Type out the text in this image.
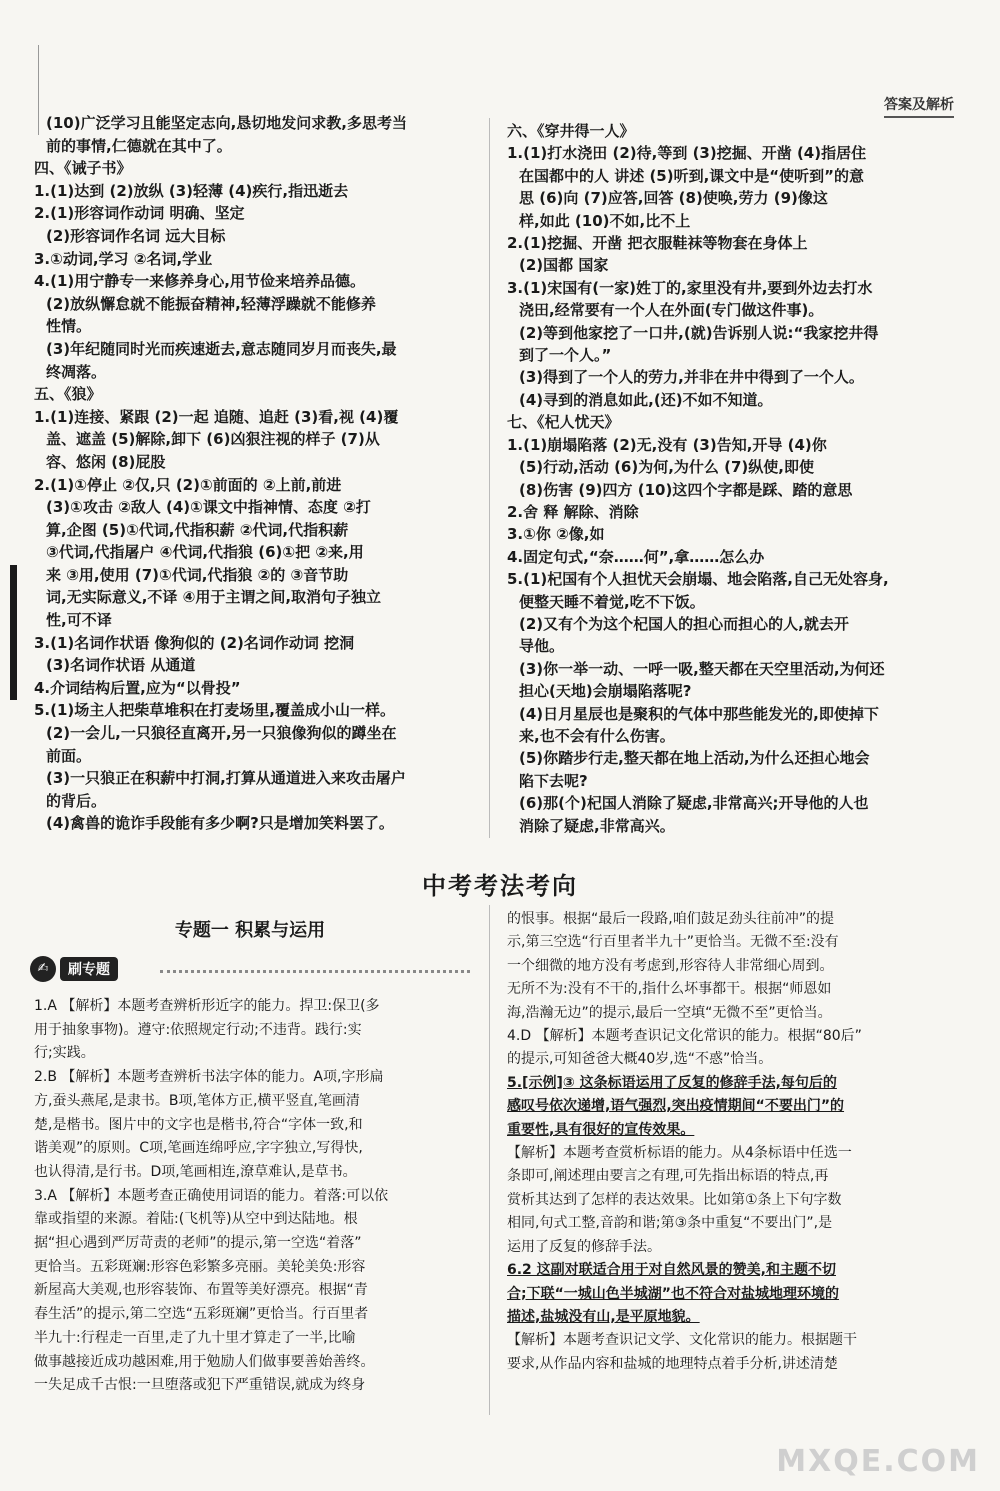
答案及解析
(10)广泛学习且能坚定志向,恳切地发问求教,多思考当
前的事情,仁德就在其中了。
四、《诫子书》
1.(1)达到 (2)放纵 (3)轻薄 (4)疾行,指迅逝去
2.(1)形容词作动词 明确、坚定
(2)形容词作名词 远大目标
3.①动词,学习 ②名词,学业
4.(1)用宁静专一来修养身心,用节俭来培养品德。
(2)放纵懈怠就不能振奋精神,轻薄浮躁就不能修养
性情。
(3)年纪随同时光而疾速逝去,意志随同岁月而丧失,最
终凋落。
五、《狼》
1.(1)连接、紧跟 (2)一起 追随、追赶 (3)看,视 (4)覆
盖、遮盖 (5)解除,卸下 (6)凶狠注视的样子 (7)从
容、悠闲 (8)屁股
2.(1)①停止 ②仅,只 (2)①前面的 ②上前,前进
(3)①攻击 ②敌人 (4)①课文中指神情、态度 ②打
算,企图 (5)①代词,代指积薪 ②代词,代指积薪
③代词,代指屠户 ④代词,代指狼 (6)①把 ②来,用
来 ③用,使用 (7)①代词,代指狼 ②的 ③音节助
词,无实际意义,不译 ④用于主谓之间,取消句子独立
性,可不译
3.(1)名词作状语 像狗似的 (2)名词作动词 挖洞
(3)名词作状语 从通道
4.介词结构后置,应为“以骨投”
5.(1)场主人把柴草堆积在打麦场里,覆盖成小山一样。
(2)一会儿,一只狼径直离开,另一只狼像狗似的蹲坐在
前面。
(3)一只狼正在积薪中打洞,打算从通道进入来攻击屠户
的背后。
(4)禽兽的诡诈手段能有多少啊?只是增加笑料罢了。
六、《穿井得一人》
1.(1)打水浇田 (2)待,等到 (3)挖掘、开凿 (4)指居住
在国都中的人 讲述 (5)听到,课文中是“使听到”的意
思 (6)向 (7)应答,回答 (8)使唤,劳力 (9)像这
样,如此 (10)不如,比不上
2.(1)挖掘、开凿 把衣服鞋袜等物套在身体上
(2)国都 国家
3.(1)宋国有(一家)姓丁的,家里没有井,要到外边去打水
浇田,经常要有一个人在外面(专门做这件事)。
(2)等到他家挖了一口井,(就)告诉别人说:“我家挖井得
到了一个人。”
(3)得到了一个人的劳力,并非在井中得到了一个人。
(4)寻到的消息如此,(还)不如不知道。
七、《杞人忧天》
1.(1)崩塌陷落 (2)无,没有 (3)告知,开导 (4)你
(5)行动,活动 (6)为何,为什么 (7)纵使,即使
(8)伤害 (9)四方 (10)这四个字都是踩、踏的意思
2.舍 释 解除、消除
3.①你 ②像,如
4.固定句式,“奈……何”,拿……怎么办
5.(1)杞国有个人担忧天会崩塌、地会陷落,自己无处容身,
便整天睡不着觉,吃不下饭。
(2)又有个为这个杞国人的担心而担心的人,就去开
导他。
(3)你一举一动、一呼一吸,整天都在天空里活动,为何还
担心(天地)会崩塌陷落呢?
(4)日月星辰也是聚积的气体中那些能发光的,即使掉下
来,也不会有什么伤害。
(5)你踏步行走,整天都在地上活动,为什么还担心地会
陷下去呢?
(6)那(个)杞国人消除了疑虑,非常高兴;开导他的人也
消除了疑虑,非常高兴。
中考考法考向
专题一 积累与运用
✍	刷专题
1.A 【解析】本题考查辨析形近字的能力。捍卫:保卫(多
用于抽象事物)。遵守:依照规定行动;不违背。践行:实
行;实践。
2.B 【解析】本题考查辨析书法字体的能力。A项,字形扁
方,蚕头燕尾,是隶书。B项,笔体方正,横平竖直,笔画清
楚,是楷书。图片中的文字也是楷书,符合“字体一致,和
谐美观”的原则。C项,笔画连绵呼应,字字独立,写得快,
也认得清,是行书。D项,笔画相连,潦草难认,是草书。
3.A 【解析】本题考查正确使用词语的能力。着落:可以依
靠或指望的来源。着陆:(飞机等)从空中到达陆地。根
据“担心遇到严厉苛责的老师”的提示,第一空选“着落”
更恰当。五彩斑斓:形容色彩繁多亮丽。美轮美奂:形容
新屋高大美观,也形容装饰、布置等美好漂亮。根据“青
春生活”的提示,第二空选“五彩斑斓”更恰当。行百里者
半九十:行程走一百里,走了九十里才算走了一半,比喻
做事越接近成功越困难,用于勉励人们做事要善始善终。
一失足成千古恨:一旦堕落或犯下严重错误,就成为终身
的恨事。根据“最后一段路,咱们鼓足劲头往前冲”的提
示,第三空选“行百里者半九十”更恰当。无微不至:没有
一个细微的地方没有考虑到,形容待人非常细心周到。
无所不为:没有不干的,指什么坏事都干。根据“师恩如
海,浩瀚无边”的提示,最后一空填“无微不至”更恰当。
4.D 【解析】本题考查识记文化常识的能力。根据“80后”
的提示,可知爸爸大概40岁,选“不惑”恰当。
5.[示例]③ 这条标语运用了反复的修辞手法,每句后的
感叹号依次递增,语气强烈,突出疫情期间“不要出门”的
重要性,具有很好的宣传效果。
【解析】本题考查赏析标语的能力。从4条标语中任选一
条即可,阐述理由要言之有理,可先指出标语的特点,再
赏析其达到了怎样的表达效果。比如第①条上下句字数
相同,句式工整,音韵和谐;第③条中重复“不要出门”,是
运用了反复的修辞手法。
6.2 这副对联适合用于对自然风景的赞美,和主题不切
合;下联“一城山色半城湖”也不符合对盐城地理环境的
描述,盐城没有山,是平原地貌。
【解析】本题考查识记文学、文化常识的能力。根据题干
要求,从作品内容和盐城的地理特点着手分析,讲述清楚
MXQE.COM
